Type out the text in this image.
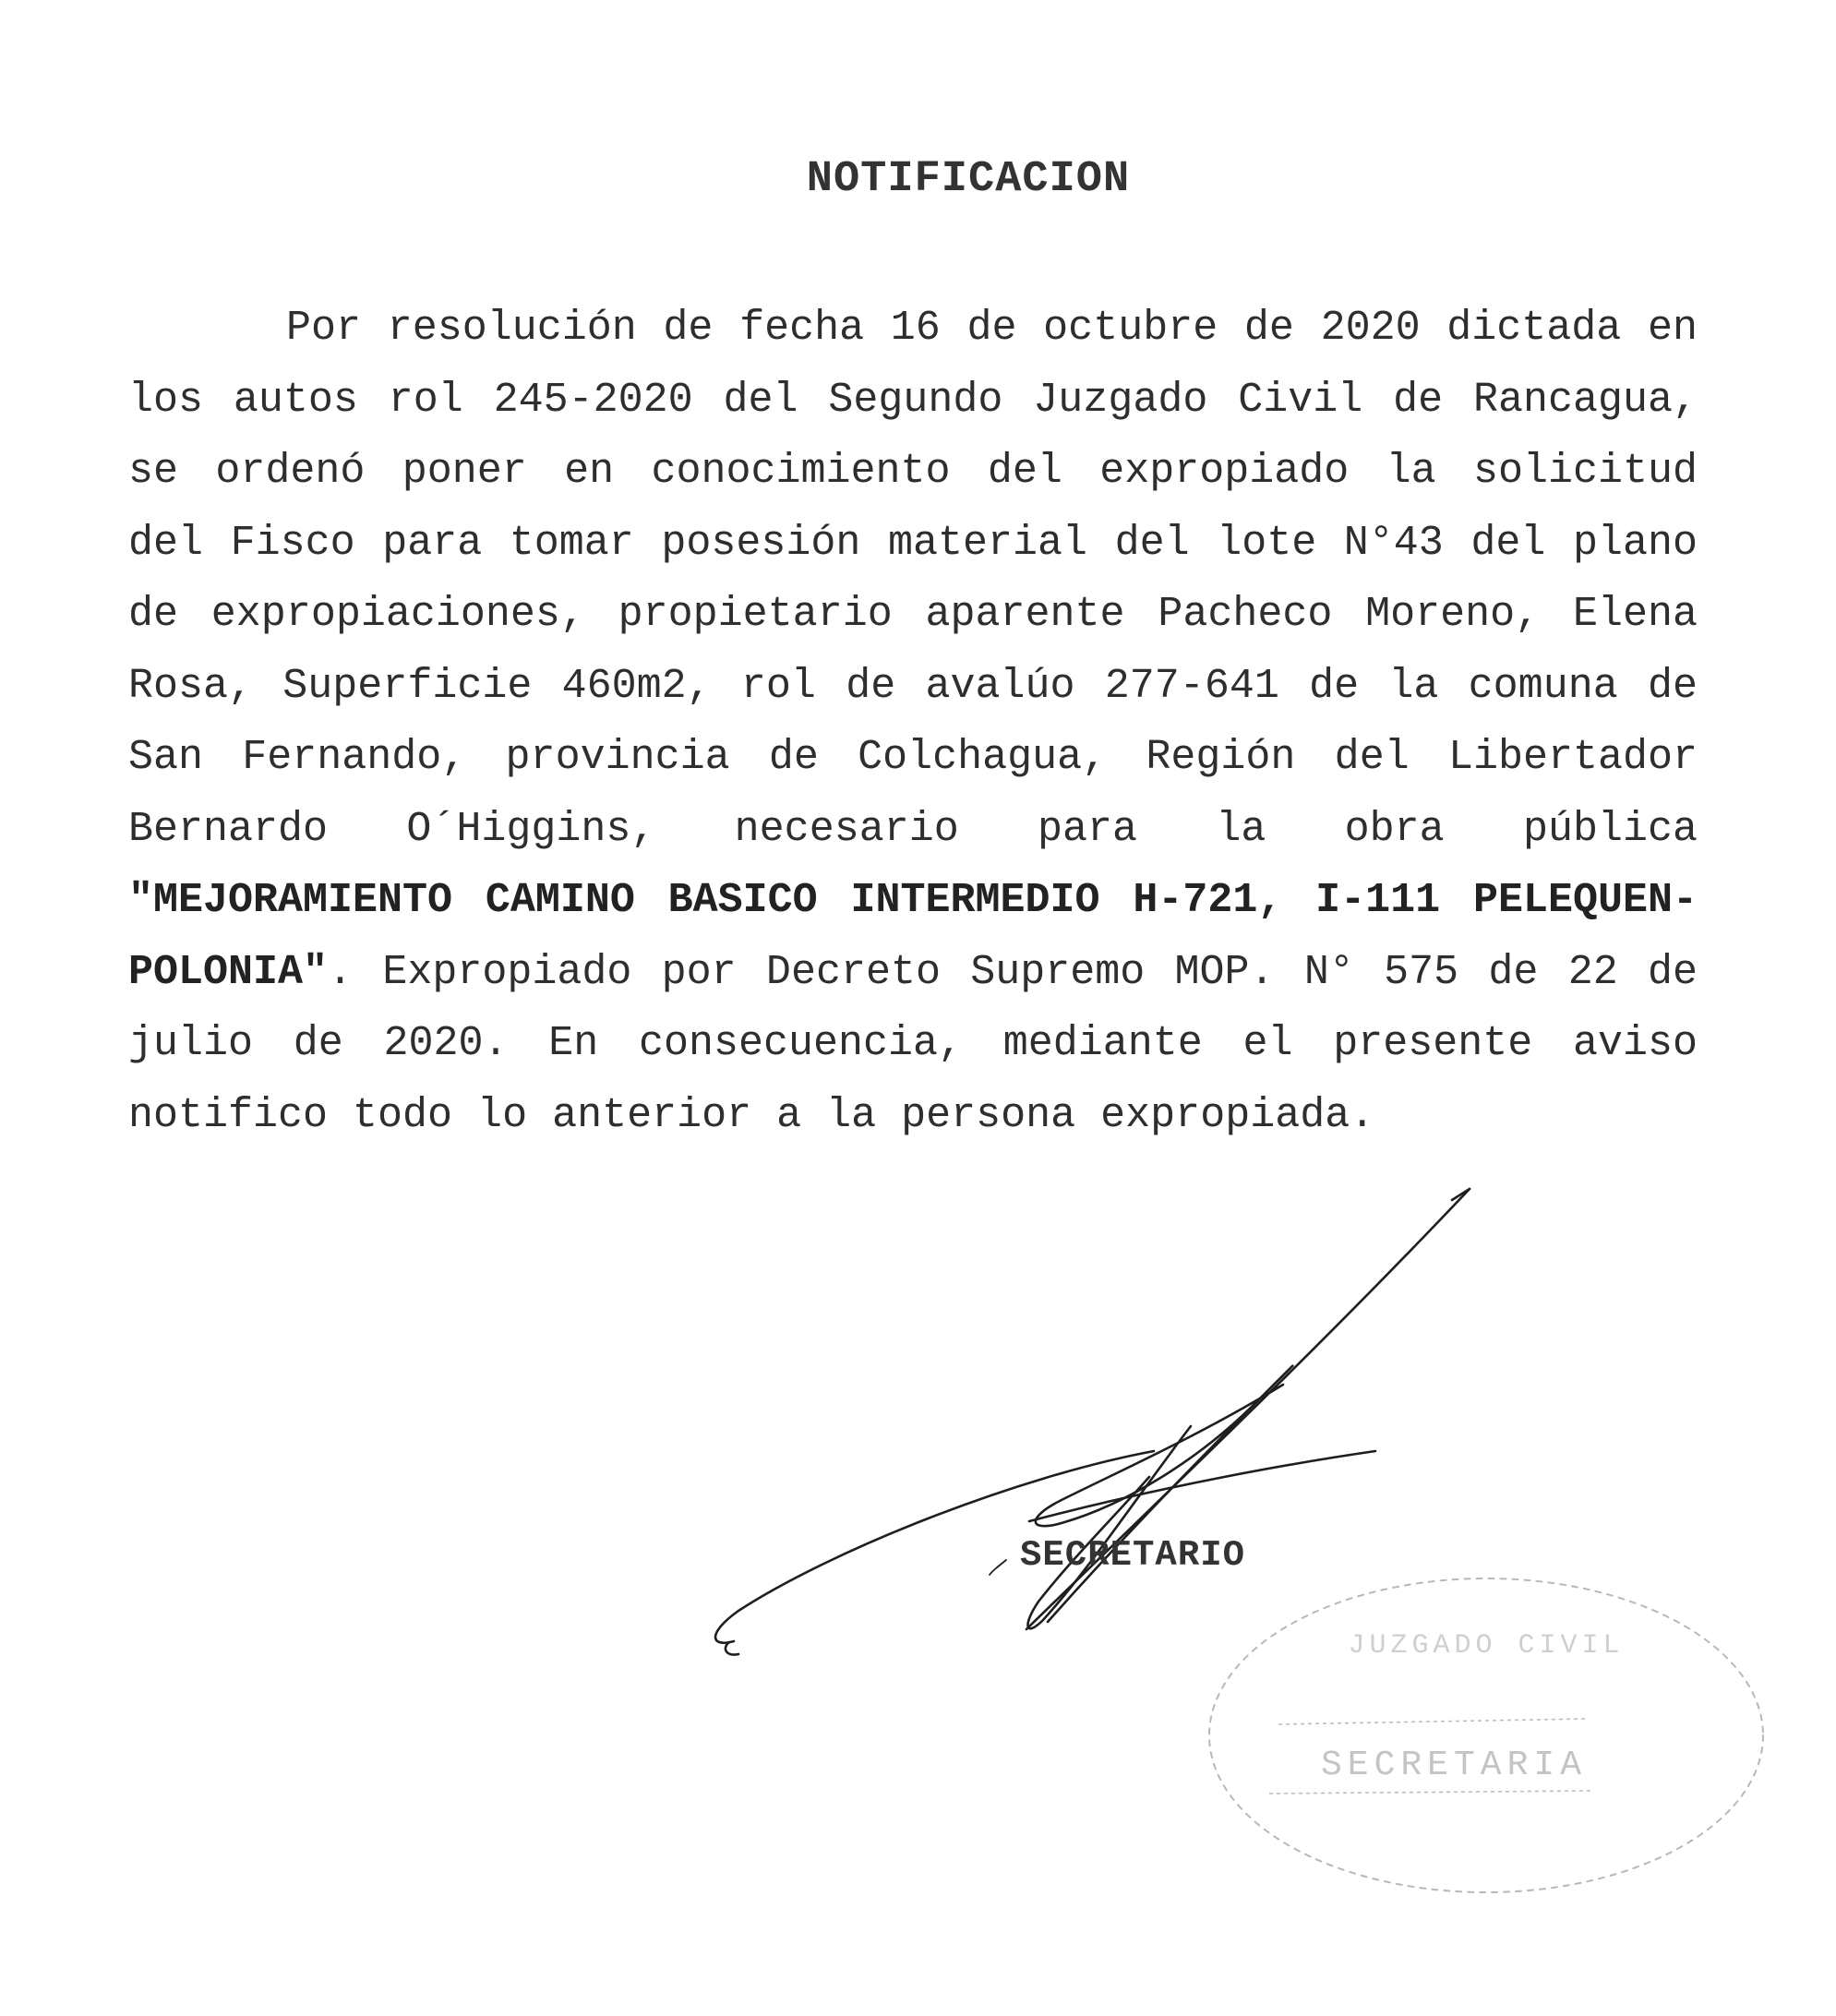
NOTIFICACION

Por resolución de fecha 16 de octubre de 2020 dictada en los autos rol 245-2020 del Segundo Juzgado Civil de Rancagua, se ordenó poner en conocimiento del expropiado la solicitud del Fisco para tomar posesión material del lote N°43 del plano de expropiaciones, propietario aparente Pacheco Moreno, Elena Rosa, Superficie 460m2, rol de avalúo 277-641 de la comuna de San Fernando, provincia de Colchagua, Región del Libertador Bernardo O´Higgins, necesario para la obra pública "MEJORAMIENTO CAMINO BASICO INTERMEDIO H-721, I-111 PELEQUEN-POLONIA". Expropiado por Decreto Supremo MOP. N° 575 de 22 de julio de 2020. En consecuencia, mediante el presente aviso notifico todo lo anterior a la persona expropiada.

SECRETARIO
SECRETARIA
JUZGADO CIVIL
